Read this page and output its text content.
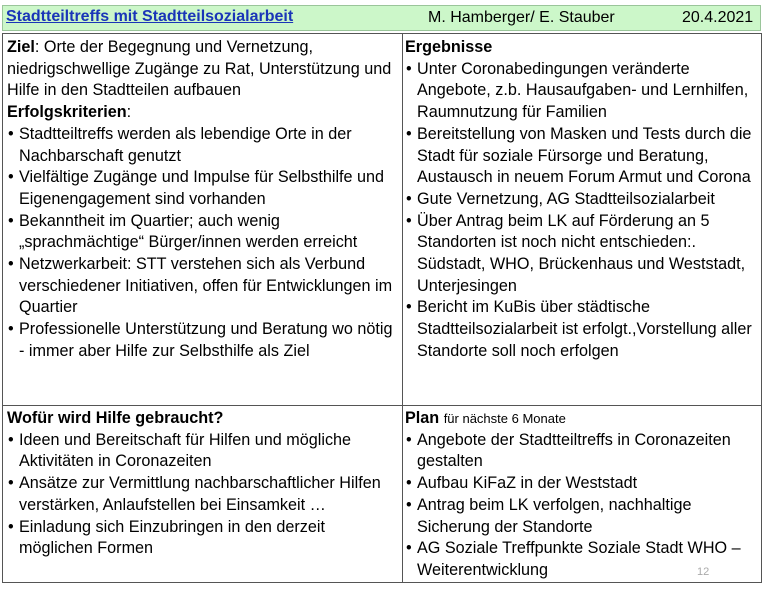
Stadtteiltreffs mit Stadtteilsozialarbeit	M. Hamberger/ E. Stauber	20.4.2021

Ziel: Orte der Begegnung und Vernetzung, niedrigschwellige Zugänge zu Rat, Unterstützung und Hilfe in den Stadtteilen aufbauen

Erfolgskriterien:

• Stadtteiltreffs werden als lebendige Orte in der Nachbarschaft genutzt
• Vielfältige Zugänge und Impulse für Selbsthilfe und Eigenengagement sind vorhanden
• Bekanntheit im Quartier; auch wenig „sprachmächtige“ Bürger/innen werden erreicht
• Netzwerkarbeit: STT verstehen sich als Verbund verschiedener Initiativen, offen für Entwicklungen im Quartier
• Professionelle Unterstützung und Beratung wo nötig - immer aber Hilfe zur Selbsthilfe als Ziel

Ergebnisse

• Unter Coronabedingungen veränderte Angebote, z.b. Hausaufgaben- und Lernhilfen, Raumnutzung für Familien
• Bereitstellung von Masken und Tests durch die Stadt für soziale Fürsorge und Beratung, Austausch in neuem Forum Armut und Corona
• Gute Vernetzung, AG Stadtteilsozialarbeit
• Über Antrag beim LK auf Förderung an 5 Standorten ist noch nicht entschieden:. Südstadt, WHO, Brückenhaus und Weststadt, Unterjesingen
• Bericht im KuBis über städtische Stadtteilsozialarbeit ist erfolgt.,Vorstellung aller Standorte soll noch erfolgen

Wofür wird Hilfe gebraucht?

• Ideen und Bereitschaft für Hilfen und mögliche Aktivitäten in Coronazeiten
• Ansätze zur Vermittlung nachbarschaftlicher Hilfen verstärken, Anlaufstellen bei Einsamkeit …
• Einladung sich Einzubringen in den derzeit möglichen Formen

Plan für nächste 6 Monate

• Angebote der Stadtteiltreffs in Coronazeiten gestalten
• Aufbau KiFaZ in der Weststadt
• Antrag beim LK verfolgen, nachhaltige Sicherung der Standorte
• AG Soziale Treffpunkte Soziale Stadt WHO – Weiterentwicklung	12
